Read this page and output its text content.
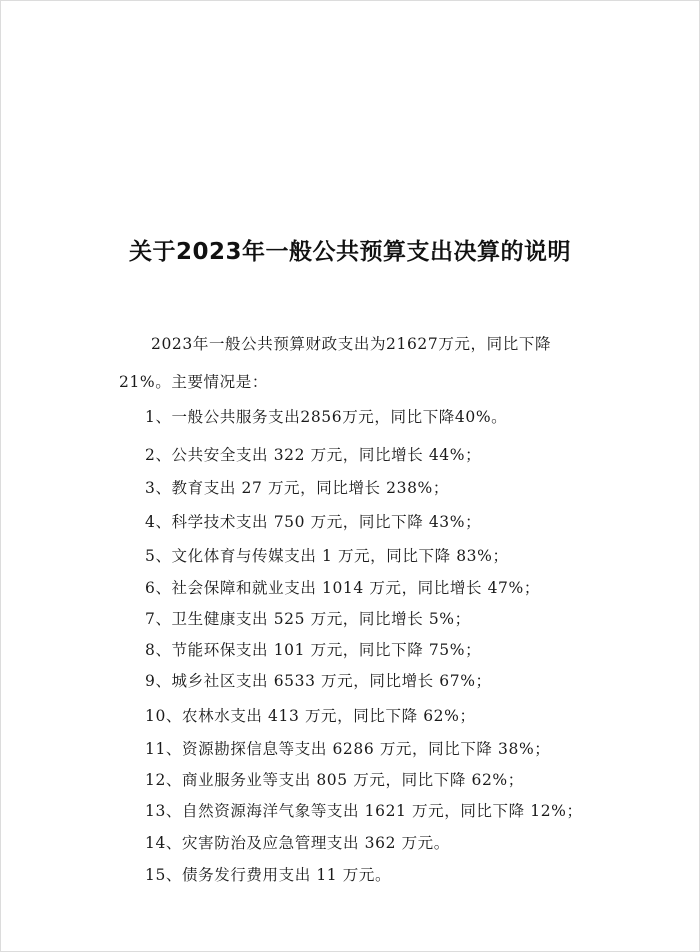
关于2023年一般公共预算支出决算的说明
2023年一般公共预算财政支出为21627万元，同比下降
21%。主要情况是：
1、一般公共服务支出2856万元，同比下降40%。
2、公共安全支出 322 万元，同比增长 44%；
3、教育支出 27 万元，同比增长 238%；
4、科学技术支出 750 万元，同比下降 43%；
5、文化体育与传媒支出 1 万元，同比下降 83%；
6、社会保障和就业支出 1014 万元，同比增长 47%；
7、卫生健康支出 525 万元，同比增长 5%；
8、节能环保支出 101 万元，同比下降 75%；
9、城乡社区支出 6533 万元，同比增长 67%；
10、农林水支出 413 万元，同比下降 62%；
11、资源勘探信息等支出 6286 万元，同比下降 38%；
12、商业服务业等支出 805 万元，同比下降 62%；
13、自然资源海洋气象等支出 1621 万元，同比下降 12%；
14、灾害防治及应急管理支出 362 万元。
15、债务发行费用支出 11 万元。
